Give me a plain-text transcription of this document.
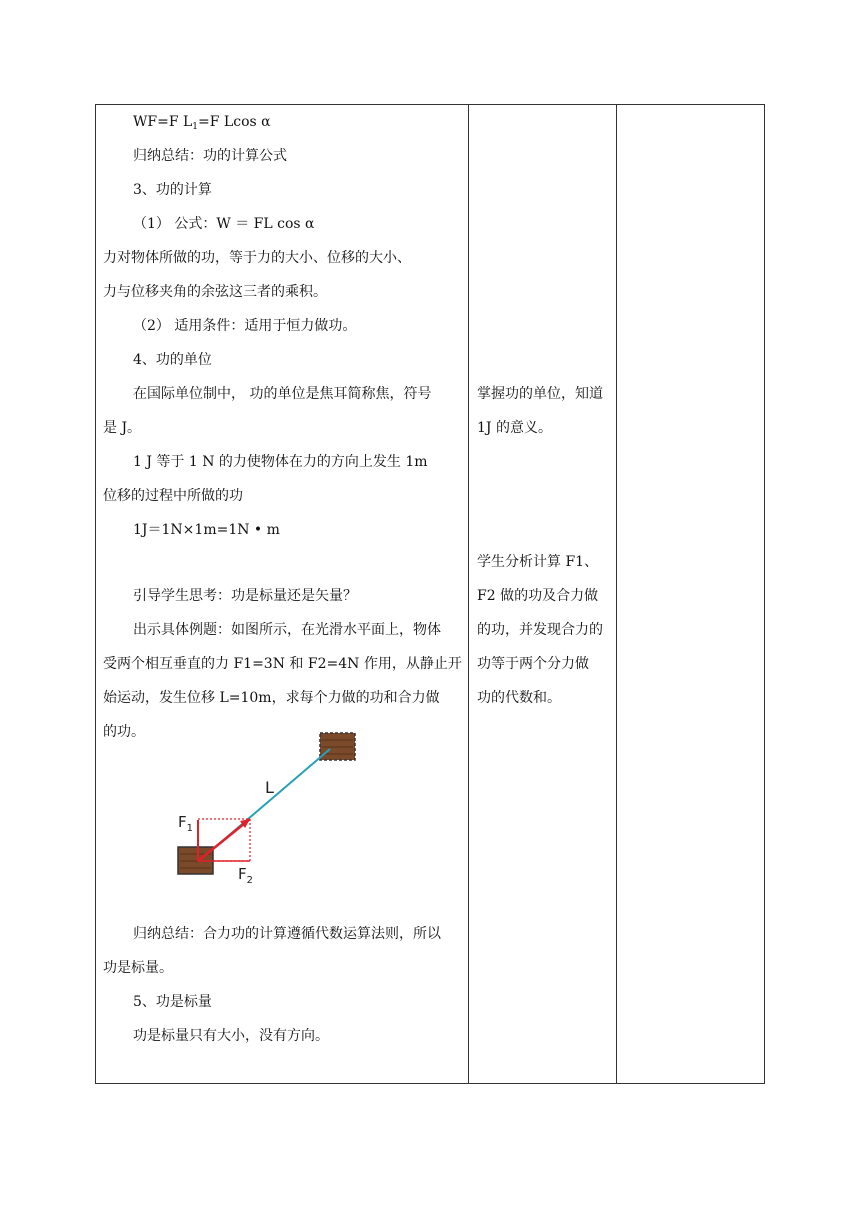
WF=F $L_1=F$ Lcos α
归纳总结：功的计算公式
3、功的计算
（1） 公式：W ＝ FL cos α
力对物体所做的功，等于力的大小、位移的大小、
力与位移夹角的余弦这三者的乘积。
（2） 适用条件：适用于恒力做功。
4、功的单位
在国际单位制中， 功的单位是焦耳简称焦，符号
是 J。
1 J 等于 1 N 的力使物体在力的方向上发生 1m
位移的过程中所做的功
1J＝1N×1m=1N • m
引导学生思考：功是标量还是矢量？
出示具体例题：如图所示，在光滑水平面上，物体
受两个相互垂直的力 F1=3N 和 F2=4N 作用，从静止开
始运动，发生位移 L=10m，求每个力做的功和合力做
的功。
L
$F_1$
$F_2$
归纳总结：合力功的计算遵循代数运算法则，所以
功是标量。
5、功是标量
功是标量只有大小，没有方向。
掌握功的单位，知道
1J 的意义。
学生分析计算 F1、
F2 做的功及合力做
的功，并发现合力的
功等于两个分力做
功的代数和。
